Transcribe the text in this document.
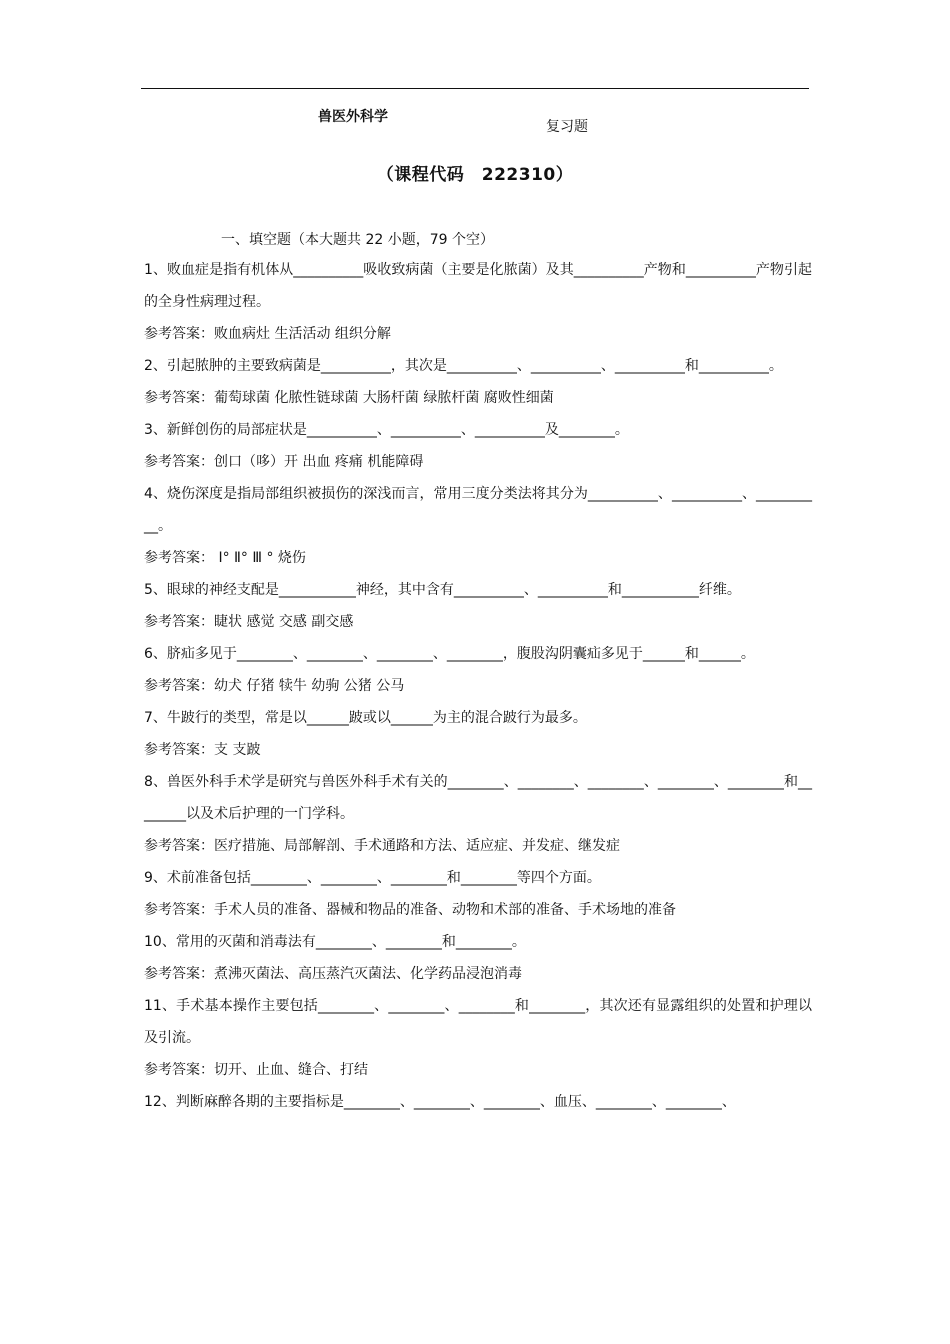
兽医外科学
复习题
（课程代码　222310）
一、填空题（本大题共 22 小题，79 个空）

1、败血症是指有机体从__________吸收致病菌（主要是化脓菌）及其__________产物和__________产物引起的全身性病理过程。

参考答案：败血病灶 生活活动 组织分解

2、引起脓肿的主要致病菌是__________，其次是__________、__________、__________和__________。

参考答案：葡萄球菌 化脓性链球菌 大肠杆菌 绿脓杆菌 腐败性细菌

3、新鲜创伤的局部症状是__________、__________、__________及________。

参考答案：创口（哆）开 出血 疼痛 机能障碍

4、烧伤深度是指局部组织被损伤的深浅而言，常用三度分类法将其分为__________、__________、__________。

参考答案： Ⅰ° Ⅱ° Ⅲ ° 烧伤

5、眼球的神经支配是___________神经，其中含有__________、__________和___________纤维。

参考答案：睫状 感觉 交感 副交感

6、脐疝多见于________、________、________、________，腹股沟阴囊疝多见于______和______。

参考答案：幼犬 仔猪 犊牛 幼驹 公猪 公马

7、牛跛行的类型，常是以______跛或以______为主的混合跛行为最多。

参考答案：支 支跛

8、兽医外科手术学是研究与兽医外科手术有关的________、________、________、________、________和________以及术后护理的一门学科。

参考答案：医疗措施、局部解剖、手术通路和方法、适应症、并发症、继发症

9、术前准备包括________、________、________和________等四个方面。

参考答案：手术人员的准备、器械和物品的准备、动物和术部的准备、手术场地的准备

10、常用的灭菌和消毒法有________、________和________。

参考答案：煮沸灭菌法、高压蒸汽灭菌法、化学药品浸泡消毒

11、手术基本操作主要包括________、________、________和________，其次还有显露组织的处置和护理以及引流。

参考答案：切开、止血、缝合、打结

12、判断麻醉各期的主要指标是________、________、________、血压、________、________、
